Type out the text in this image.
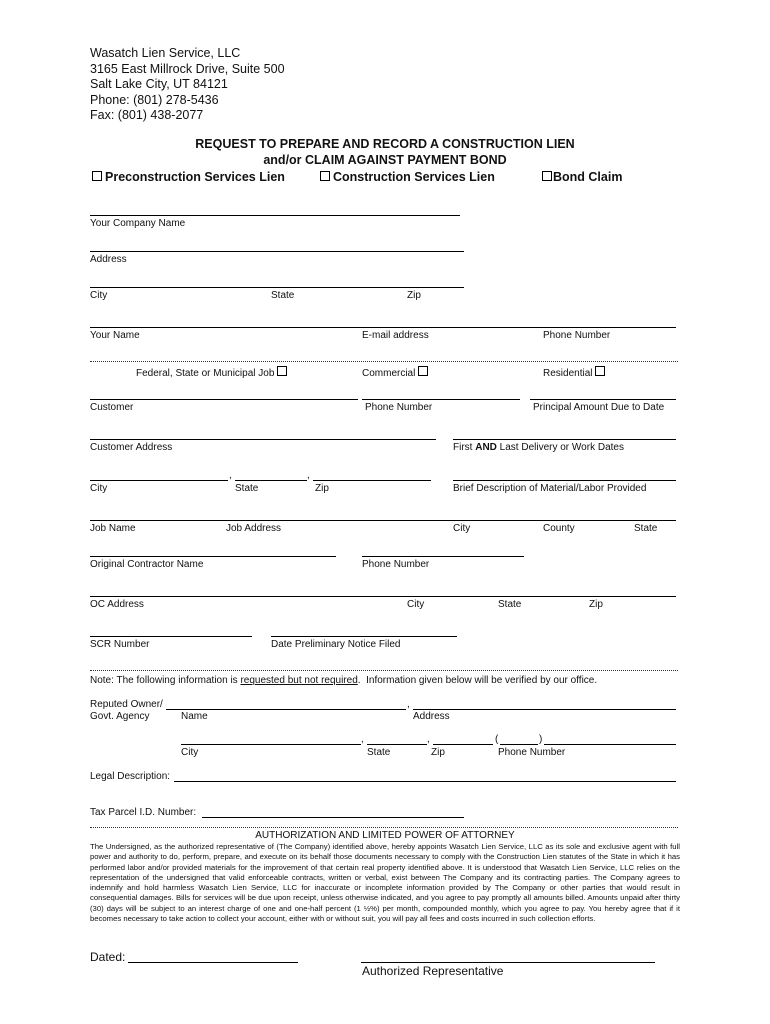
Wasatch Lien Service, LLC
3165 East Millrock Drive, Suite 500
Salt Lake City, UT 84121
Phone: (801) 278-5436
Fax: (801) 438-2077
REQUEST TO PREPARE AND RECORD A CONSTRUCTION LIEN
and/or CLAIM AGAINST PAYMENT BOND
Preconstruction Services Lien	Construction Services Lien	Bond Claim
Your Company Name
Address
City	State	Zip
Your Name	E-mail address	Phone Number
Federal, State or Municipal Job	Commercial	Residential
Customer	Phone Number	Principal Amount Due to Date
Customer Address	First AND Last Delivery or Work Dates
,	,
City	State	Zip	Brief Description of Material/Labor Provided
Job Name	Job Address	City	County	State
Original Contractor Name	Phone Number
OC Address	City	State	Zip
SCR Number	Date Preliminary Notice Filed
Note: The following information is requested but not required.  Information given below will be verified by our office.
Reputed Owner/	,
Govt. Agency	Name	Address
,	,	(	)
City	State	Zip	Phone Number
Legal Description:
Tax Parcel I.D. Number:
AUTHORIZATION AND LIMITED POWER OF ATTORNEY
The Undersigned, as the authorized representative of (The Company) identified above, hereby appoints Wasatch Lien Service, LLC as its sole and exclusive agent with full power and authority to do, perform, prepare, and execute on its behalf those documents necessary to comply with the Construction Lien statutes of the State in which it has performed labor and/or provided materials for the improvement of that certain real property identified above. It is understood that Wasatch Lien Service, LLC relies on the representation of the undersigned that valid enforceable contracts, written or verbal, exist between The Company and its contracting parties. The Company agrees to indemnify and hold harmless Wasatch Lien Service, LLC for inaccurate or incomplete information provided by The Company or other parties that would result in consequential damages. Bills for services will be due upon receipt, unless otherwise indicated, and you agree to pay promptly all amounts billed. Amounts unpaid after thirty (30) days will be subject to an interest charge of one and one-half percent (1 ½%) per month, compounded monthly, which you agree to pay. You hereby agree that if it becomes necessary to take action to collect your account, either with or without suit, you will pay all fees and costs incurred in such collection efforts.
Dated:
Authorized Representative
